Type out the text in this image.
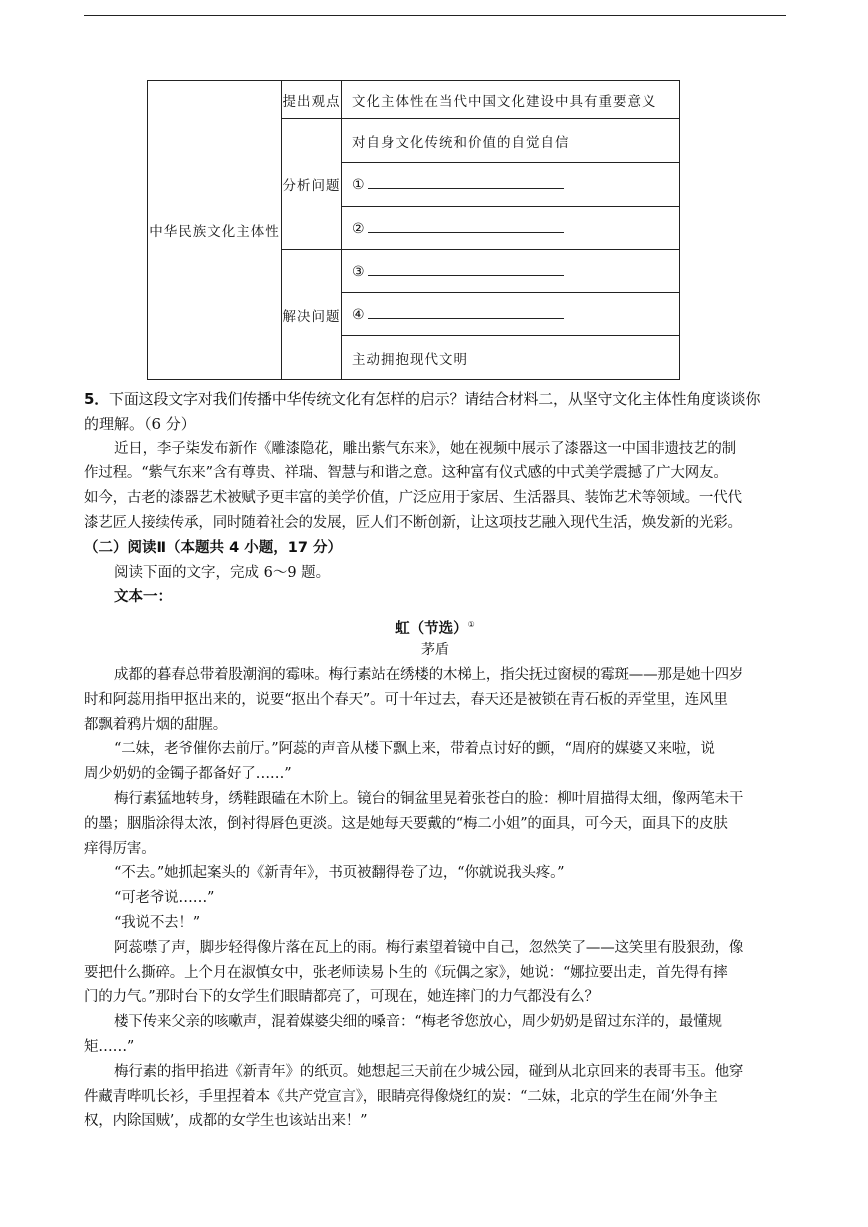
中华民族文化主体性	提出观点	文化主体性在当代中国文化建设中具有重要意义
	分析问题	对自身文化传统和价值的自觉自信
		①
		②
	解决问题	③
		④
		主动拥抱现代文明
5．下面这段文字对我们传播中华传统文化有怎样的启示？请结合材料二，从坚守文化主体性角度谈谈你
的理解。（6 分）
近日，李子柒发布新作《雕漆隐花，雕出紫气东来》，她在视频中展示了漆器这一中国非遗技艺的制
作过程。“紫气东来”含有尊贵、祥瑞、智慧与和谐之意。这种富有仪式感的中式美学震撼了广大网友。
如今，古老的漆器艺术被赋予更丰富的美学价值，广泛应用于家居、生活器具、装饰艺术等领域。一代代
漆艺匠人接续传承，同时随着社会的发展，匠人们不断创新，让这项技艺融入现代生活，焕发新的光彩。
（二）阅读Ⅱ（本题共 4 小题，17 分）
阅读下面的文字，完成 6～9 题。
文本一：
虹（节选）①
茅盾
成都的暮春总带着股潮润的霉味。梅行素站在绣楼的木梯上，指尖抚过窗棂的霉斑——那是她十四岁
时和阿蕊用指甲抠出来的，说要“抠出个春天”。可十年过去，春天还是被锁在青石板的弄堂里，连风里
都飘着鸦片烟的甜腥。
“二妹，老爷催你去前厅。”阿蕊的声音从楼下飘上来，带着点讨好的颤，“周府的媒婆又来啦，说
周少奶奶的金镯子都备好了……”
梅行素猛地转身，绣鞋跟磕在木阶上。镜台的铜盆里晃着张苍白的脸：柳叶眉描得太细，像两笔未干
的墨；胭脂涂得太浓，倒衬得唇色更淡。这是她每天要戴的“梅二小姐”的面具，可今天，面具下的皮肤
痒得厉害。
“不去。”她抓起案头的《新青年》，书页被翻得卷了边，“你就说我头疼。”
“可老爷说……”
“我说不去！”
阿蕊噤了声，脚步轻得像片落在瓦上的雨。梅行素望着镜中自己，忽然笑了——这笑里有股狠劲，像
要把什么撕碎。上个月在淑慎女中，张老师读易卜生的《玩偶之家》，她说：“娜拉要出走，首先得有摔
门的力气。”那时台下的女学生们眼睛都亮了，可现在，她连摔门的力气都没有么？
楼下传来父亲的咳嗽声，混着媒婆尖细的嗓音：“梅老爷您放心，周少奶奶是留过东洋的，最懂规
矩……”
梅行素的指甲掐进《新青年》的纸页。她想起三天前在少城公园，碰到从北京回来的表哥韦玉。他穿
件藏青哔叽长衫，手里捏着本《共产党宣言》，眼睛亮得像烧红的炭：“二妹，北京的学生在闹‘外争主
权，内除国贼’，成都的女学生也该站出来！”
